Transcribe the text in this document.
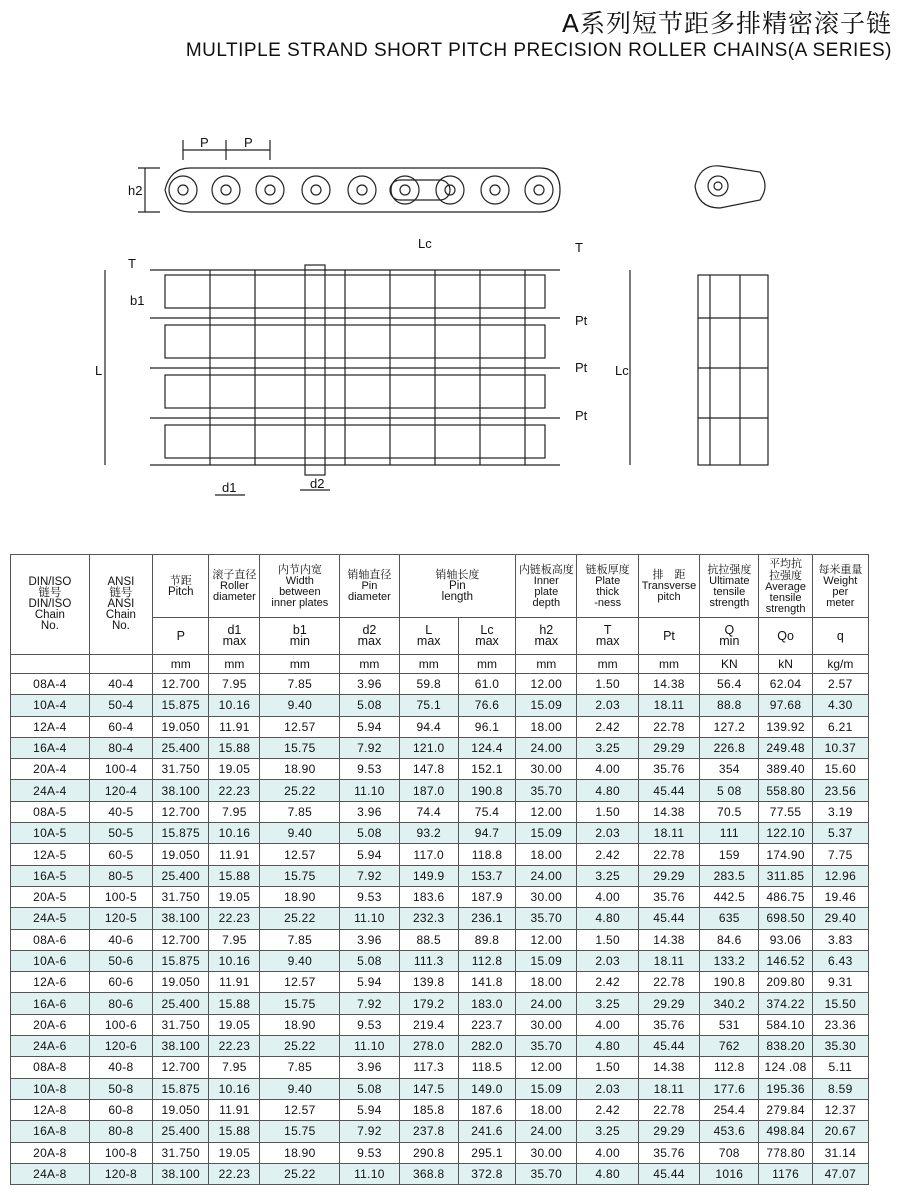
A系列短节距多排精密滚子链
MULTIPLE STRAND SHORT PITCH PRECISION ROLLER CHAINS(A SERIES)
P	P
h2
T
b1
L
Lc	T
Pt
Pt
Pt
Lc
d1	d2
DIN/ISO
链号
DIN/ISO
Chain
No.	ANSI
链号
ANSI
Chain
No.	节距
Pitch	滚子直径
Roller
diameter	内节内宽
Width
between
inner plates	销轴直径
Pin
diameter	销轴长度
Pin
length		内链板高度
Inner
plate
depth	链板厚度
Plate
thick
-ness	排　距
Transverse
pitch	抗拉强度
Ultimate
tensile
strength	平均抗
拉强度
Average
tensile
strength	每米重量
Weight
per
meter
		P	d1
max	b1
min	d2
max	L
max	Lc
max	h2
max	T
max	Pt	Q
min	Qo	q
		mm	mm	mm	mm	mm	mm	mm	mm	mm	KN	kN	kg/m
08A-4	40-4	12.700	7.95	7.85	3.96	59.8	61.0	12.00	1.50	14.38	56.4	62.04	2.57
10A-4	50-4	15.875	10.16	9.40	5.08	75.1	76.6	15.09	2.03	18.11	88.8	97.68	4.30
12A-4	60-4	19.050	11.91	12.57	5.94	94.4	96.1	18.00	2.42	22.78	127.2	139.92	6.21
16A-4	80-4	25.400	15.88	15.75	7.92	121.0	124.4	24.00	3.25	29.29	226.8	249.48	10.37
20A-4	100-4	31.750	19.05	18.90	9.53	147.8	152.1	30.00	4.00	35.76	354	389.40	15.60
24A-4	120-4	38.100	22.23	25.22	11.10	187.0	190.8	35.70	4.80	45.44	5 08	558.80	23.56
08A-5	40-5	12.700	7.95	7.85	3.96	74.4	75.4	12.00	1.50	14.38	70.5	77.55	3.19
10A-5	50-5	15.875	10.16	9.40	5.08	93.2	94.7	15.09	2.03	18.11	111	122.10	5.37
12A-5	60-5	19.050	11.91	12.57	5.94	117.0	118.8	18.00	2.42	22.78	159	174.90	7.75
16A-5	80-5	25.400	15.88	15.75	7.92	149.9	153.7	24.00	3.25	29.29	283.5	311.85	12.96
20A-5	100-5	31.750	19.05	18.90	9.53	183.6	187.9	30.00	4.00	35.76	442.5	486.75	19.46
24A-5	120-5	38.100	22.23	25.22	11.10	232.3	236.1	35.70	4.80	45.44	635	698.50	29.40
08A-6	40-6	12.700	7.95	7.85	3.96	88.5	89.8	12.00	1.50	14.38	84.6	93.06	3.83
10A-6	50-6	15.875	10.16	9.40	5.08	111.3	112.8	15.09	2.03	18.11	133.2	146.52	6.43
12A-6	60-6	19.050	11.91	12.57	5.94	139.8	141.8	18.00	2.42	22.78	190.8	209.80	9.31
16A-6	80-6	25.400	15.88	15.75	7.92	179.2	183.0	24.00	3.25	29.29	340.2	374.22	15.50
20A-6	100-6	31.750	19.05	18.90	9.53	219.4	223.7	30.00	4.00	35.76	531	584.10	23.36
24A-6	120-6	38.100	22.23	25.22	11.10	278.0	282.0	35.70	4.80	45.44	762	838.20	35.30
08A-8	40-8	12.700	7.95	7.85	3.96	117.3	118.5	12.00	1.50	14.38	112.8	124 .08	5.11
10A-8	50-8	15.875	10.16	9.40	5.08	147.5	149.0	15.09	2.03	18.11	177.6	195.36	8.59
12A-8	60-8	19.050	11.91	12.57	5.94	185.8	187.6	18.00	2.42	22.78	254.4	279.84	12.37
16A-8	80-8	25.400	15.88	15.75	7.92	237.8	241.6	24.00	3.25	29.29	453.6	498.84	20.67
20A-8	100-8	31.750	19.05	18.90	9.53	290.8	295.1	30.00	4.00	35.76	708	778.80	31.14
24A-8	120-8	38.100	22.23	25.22	11.10	368.8	372.8	35.70	4.80	45.44	1016	1176	47.07
